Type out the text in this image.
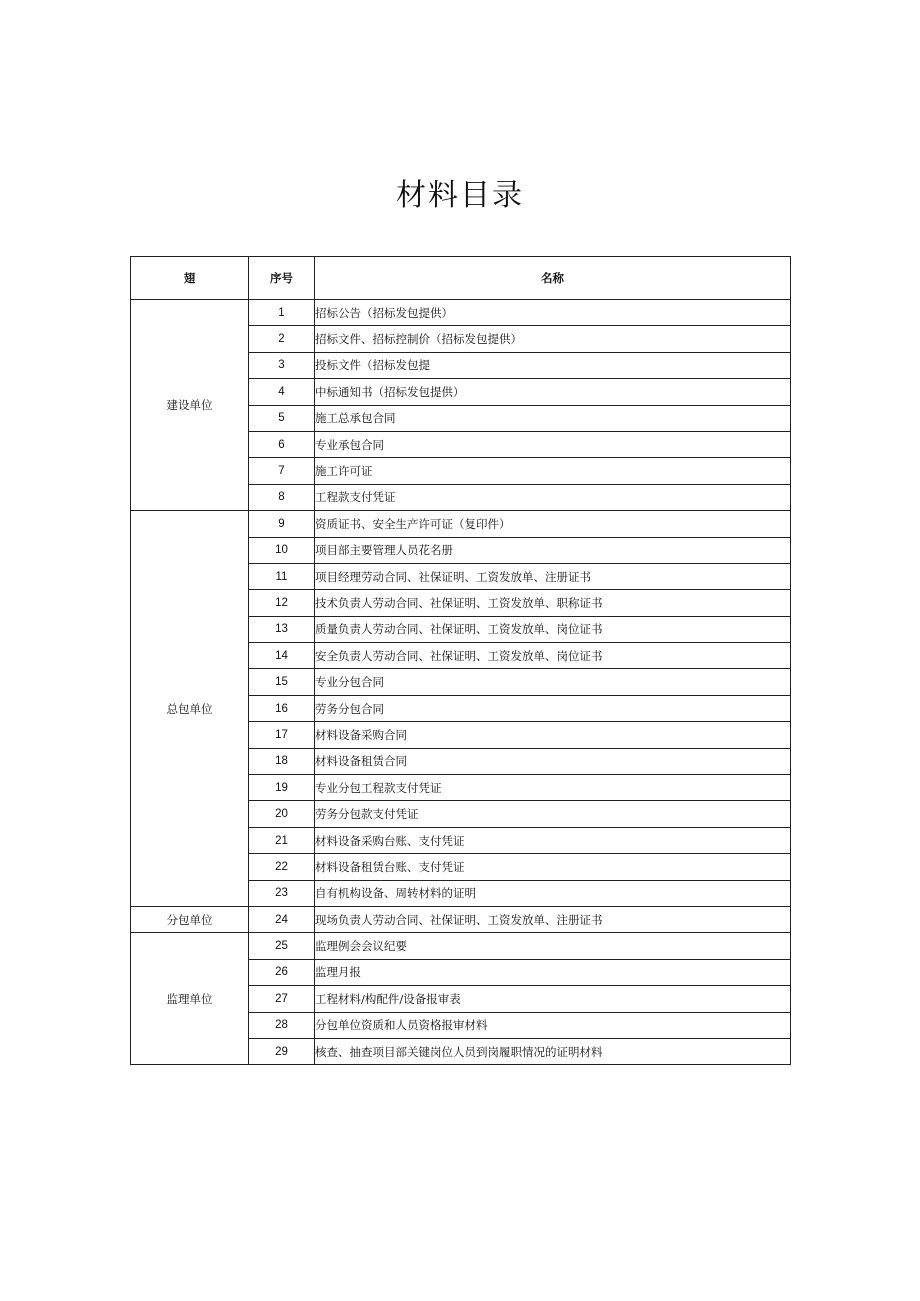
材料目录
翅	序号	名称
建设单位	1	招标公告（招标发包提供）
	2	招标文件、招标控制价（招标发包提供）
	3	投标文件（招标发包提
	4	中标通知书（招标发包提供）
	5	施工总承包合同
	6	专业承包合同
	7	施工许可证
	8	工程款支付凭证
总包单位	9	资质证书、安全生产许可证（复印件）
	10	项目部主要管理人员花名册
	11	项目经理劳动合同、社保证明、工资发放单、注册证书
	12	技术负责人劳动合同、社保证明、工资发放单、职称证书
	13	质量负责人劳动合同、社保证明、工资发放单、岗位证书
	14	安全负责人劳动合同、社保证明、工资发放单、岗位证书
	15	专业分包合同
	16	劳务分包合同
	17	材料设备采购合同
	18	材料设备租赁合同
	19	专业分包工程款支付凭证
	20	劳务分包款支付凭证
	21	材料设备采购台账、支付凭证
	22	材料设备租赁台账、支付凭证
	23	自有机构设备、周转材料的证明
分包单位	24	现场负责人劳动合同、社保证明、工资发放单、注册证书
监理单位	25	监理例会会议纪要
	26	监理月报
	27	工程材料/构配件/设备报审表
	28	分包单位资质和人员资格报审材料
	29	核查、抽查项目部关键岗位人员到岗履职情况的证明材料
